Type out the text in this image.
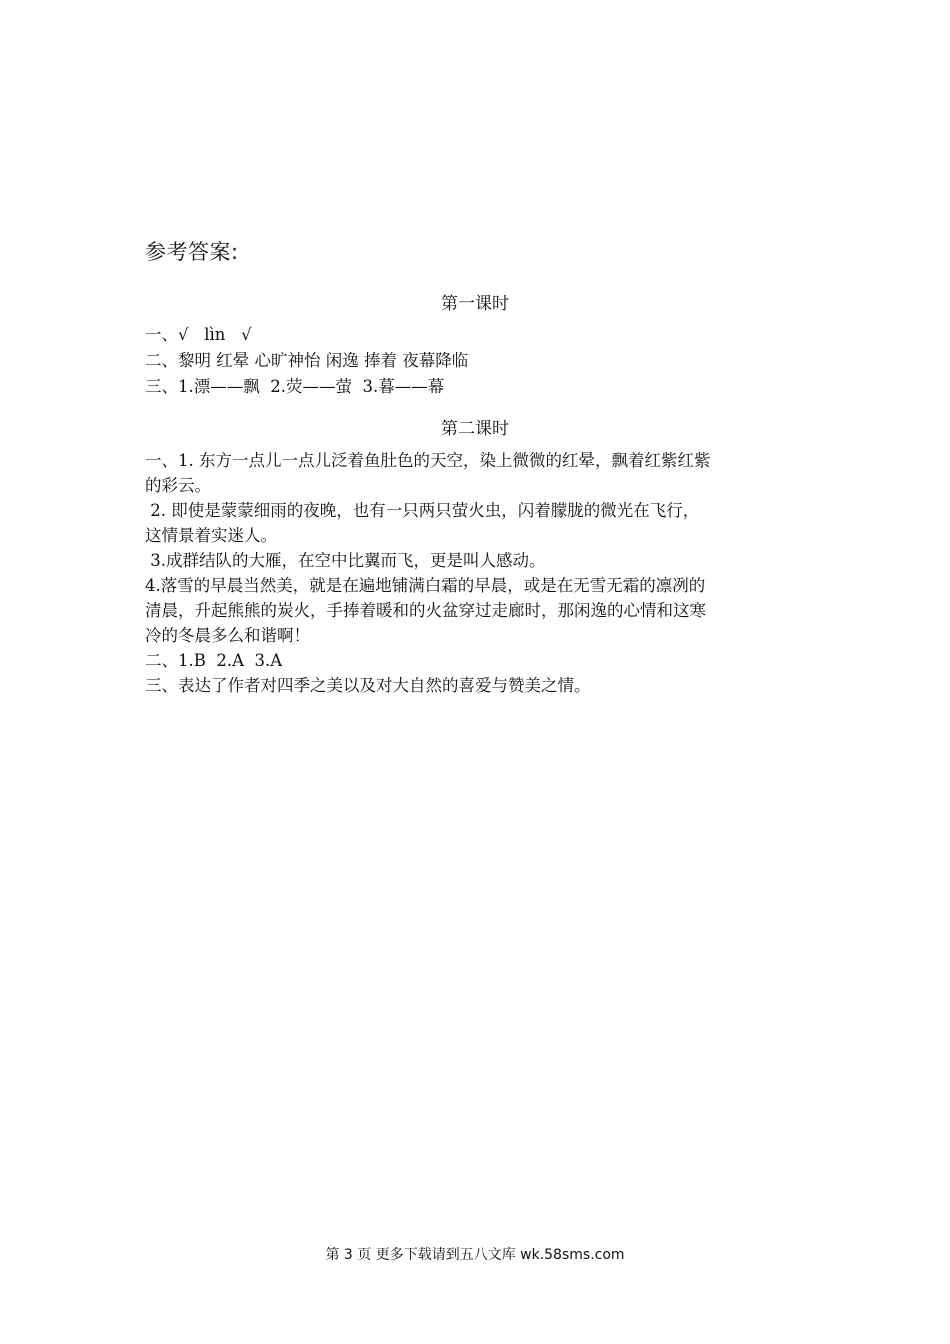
参考答案:
第一课时
一、√   lìn   √
二、黎明 红晕 心旷神怡 闲逸 捧着 夜幕降临
三、1.漂——飘  2.荧——萤  3.暮——幕
第二课时
一、1. 东方一点儿一点儿泛着鱼肚色的天空，染上微微的红晕，飘着红紫红紫
的彩云。
2. 即使是蒙蒙细雨的夜晚，也有一只两只萤火虫，闪着朦胧的微光在飞行，
这情景着实迷人。
3.成群结队的大雁，在空中比翼而飞，更是叫人感动。
4.落雪的早晨当然美，就是在遍地铺满白霜的早晨，或是在无雪无霜的凛冽的
清晨，升起熊熊的炭火，手捧着暖和的火盆穿过走廊时，那闲逸的心情和这寒
冷的冬晨多么和谐啊！
二、1.B  2.A  3.A
三、表达了作者对四季之美以及对大自然的喜爱与赞美之情。
第 3 页 更多下载请到五八文库 wk.58sms.com
